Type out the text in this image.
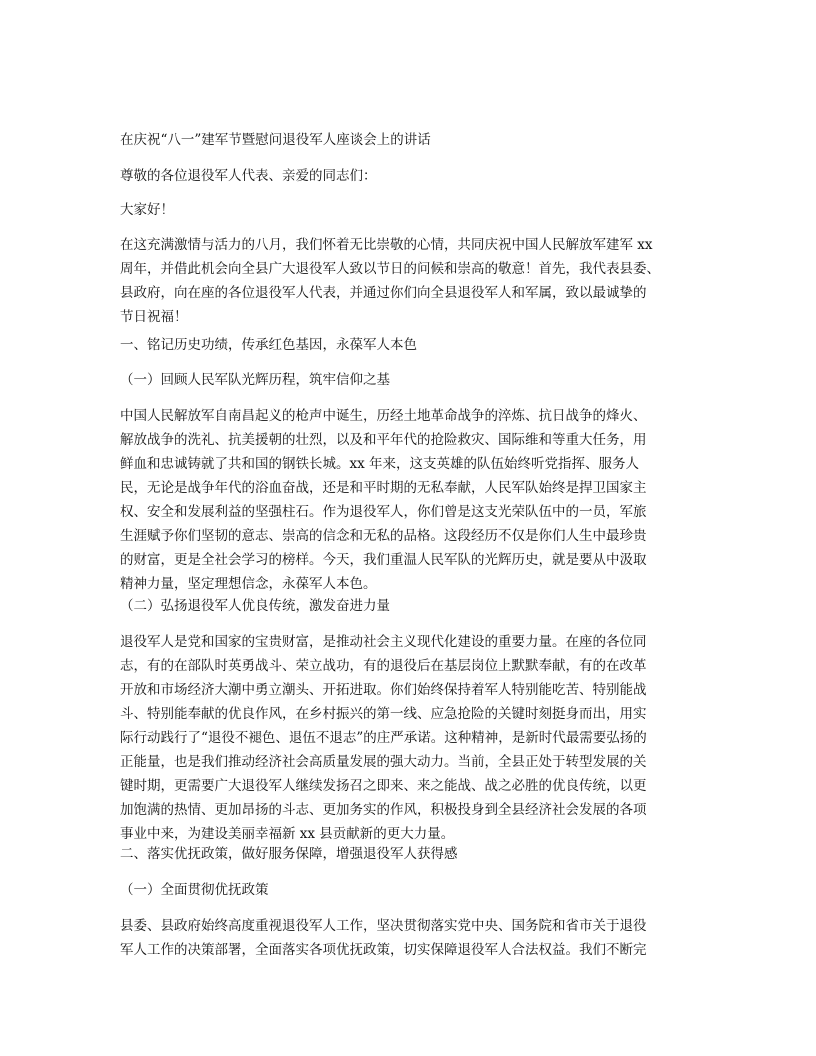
在庆祝“八一”建军节暨慰问退役军人座谈会上的讲话

尊敬的各位退役军人代表、亲爱的同志们：

大家好！

在这充满激情与活力的八月，我们怀着无比崇敬的心情，共同庆祝中国人民解放军建军 xx
周年，并借此机会向全县广大退役军人致以节日的问候和崇高的敬意！首先，我代表县委、
县政府，向在座的各位退役军人代表，并通过你们向全县退役军人和军属，致以最诚挚的
节日祝福！

一、铭记历史功绩，传承红色基因，永葆军人本色

（一）回顾人民军队光辉历程，筑牢信仰之基

中国人民解放军自南昌起义的枪声中诞生，历经土地革命战争的淬炼、抗日战争的烽火、
解放战争的洗礼、抗美援朝的壮烈，以及和平年代的抢险救灾、国际维和等重大任务，用
鲜血和忠诚铸就了共和国的钢铁长城。xx 年来，这支英雄的队伍始终听党指挥、服务人
民，无论是战争年代的浴血奋战，还是和平时期的无私奉献，人民军队始终是捍卫国家主
权、安全和发展利益的坚强柱石。作为退役军人，你们曾是这支光荣队伍中的一员，军旅
生涯赋予你们坚韧的意志、崇高的信念和无私的品格。这段经历不仅是你们人生中最珍贵
的财富，更是全社会学习的榜样。今天，我们重温人民军队的光辉历史，就是要从中汲取
精神力量，坚定理想信念，永葆军人本色。

（二）弘扬退役军人优良传统，激发奋进力量

退役军人是党和国家的宝贵财富，是推动社会主义现代化建设的重要力量。在座的各位同
志，有的在部队时英勇战斗、荣立战功，有的退役后在基层岗位上默默奉献，有的在改革
开放和市场经济大潮中勇立潮头、开拓进取。你们始终保持着军人特别能吃苦、特别能战
斗、特别能奉献的优良作风，在乡村振兴的第一线、应急抢险的关键时刻挺身而出，用实
际行动践行了“退役不褪色、退伍不退志”的庄严承诺。这种精神，是新时代最需要弘扬的
正能量，也是我们推动经济社会高质量发展的强大动力。当前，全县正处于转型发展的关
键时期，更需要广大退役军人继续发扬召之即来、来之能战、战之必胜的优良传统，以更
加饱满的热情、更加昂扬的斗志、更加务实的作风，积极投身到全县经济社会发展的各项
事业中来，为建设美丽幸福新 xx 县贡献新的更大力量。

二、落实优抚政策，做好服务保障，增强退役军人获得感

（一）全面贯彻优抚政策

县委、县政府始终高度重视退役军人工作，坚决贯彻落实党中央、国务院和省市关于退役
军人工作的决策部署，全面落实各项优抚政策，切实保障退役军人合法权益。我们不断完
